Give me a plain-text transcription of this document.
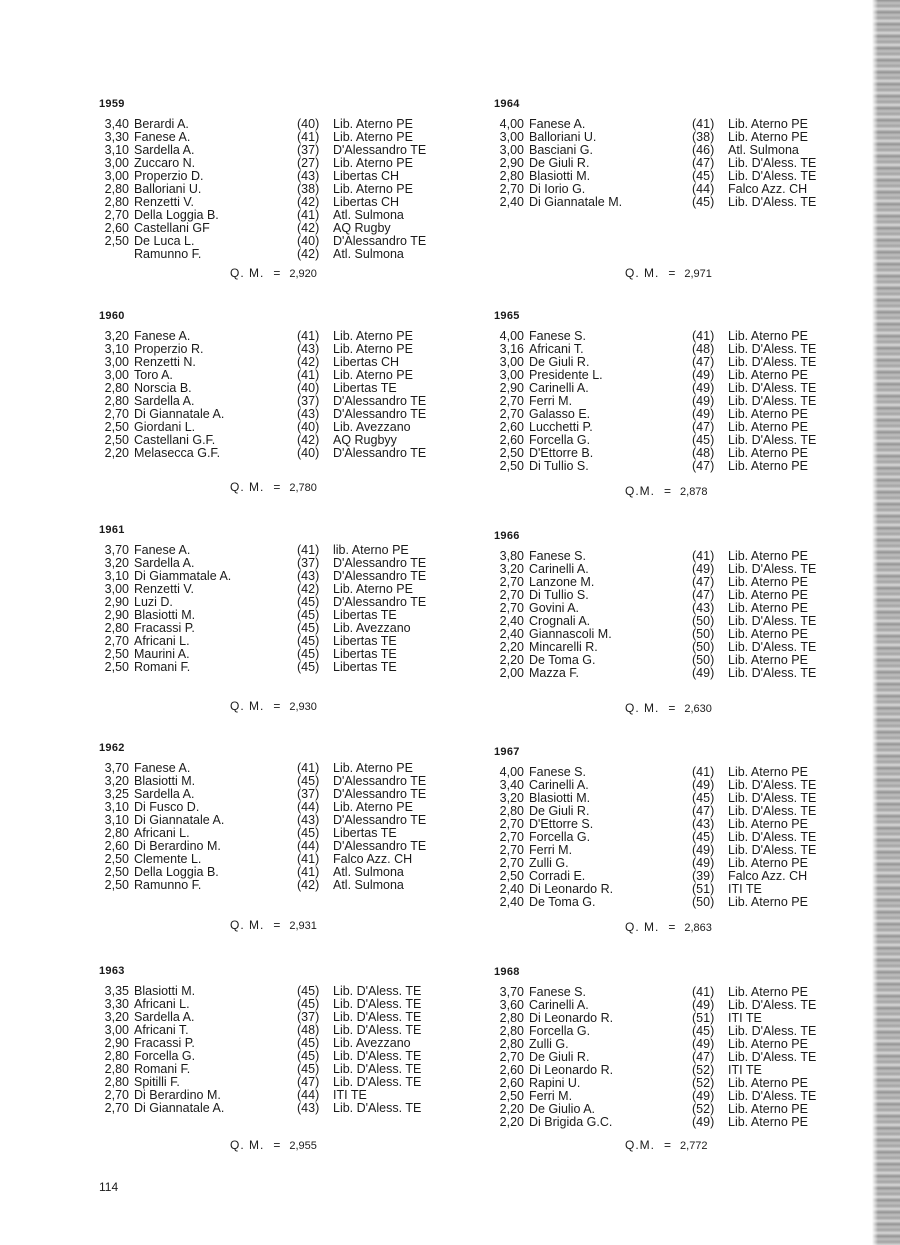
1959
3,40 Berardi A.	(40) Lib. Aterno PE
3,30 Fanese A.	(41) Lib. Aterno PE
3,10 Sardella A.	(37) D'Alessandro TE
3,00 Zuccaro N.	(27) Lib. Aterno PE
3,00 Properzio D.	(43) Libertas CH
2,80 Balloriani U.	(38) Lib. Aterno PE
2,80 Renzetti V.	(42) Libertas CH
2,70 Della Loggia B.	(41) Atl. Sulmona
2,60 Castellani GF	(42) AQ Rugby
2,50 De Luca L.	(40) D'Alessandro TE
Ramunno F.	(42) Atl. Sulmona
Q. M. = 2,920
1960
3,20 Fanese A.	(41) Lib. Aterno PE
3,10 Properzio R.	(43) Lib. Aterno PE
3,00 Renzetti N.	(42) Libertas CH
3,00 Toro A.	(41) Lib. Aterno PE
2,80 Norscia B.	(40) Libertas TE
2,80 Sardella A.	(37) D'Alessandro TE
2,70 Di Giannatale A.	(43) D'Alessandro TE
2,50 Giordani L.	(40) Lib. Avezzano
2,50 Castellani G.F.	(42) AQ Rugbyy
2,20 Melasecca G.F.	(40) D'Alessandro TE
Q. M. = 2,780
1961
3,70 Fanese A.	(41) lib. Aterno PE
3,20 Sardella A.	(37) D'Alessandro TE
3,10 Di Giammatale A.	(43) D'Alessandro TE
3,00 Renzetti V.	(42) Lib. Aterno PE
2,90 Luzi D.	(45) D'Alessandro TE
2,90 Blasiotti M.	(45) Libertas TE
2,80 Fracassi P.	(45) Lib. Avezzano
2,70 Africani L.	(45) Libertas TE
2,50 Maurini A.	(45) Libertas TE
2,50 Romani F.	(45) Libertas TE
Q. M. = 2,930
1962
3,70 Fanese A.	(41) Lib. Aterno PE
3,20 Blasiotti M.	(45) D'Alessandro TE
3,25 Sardella A.	(37) D'Alessandro TE
3,10 Di Fusco D.	(44) Lib. Aterno PE
3,10 Di Giannatale A.	(43) D'Alessandro TE
2,80 Africani L.	(45) Libertas TE
2,60 Di Berardino M.	(44) D'Alessandro TE
2,50 Clemente L.	(41) Falco Azz. CH
2,50 Della Loggia B.	(41) Atl. Sulmona
2,50 Ramunno F.	(42) Atl. Sulmona
Q. M. = 2,931
1963
3,35 Blasiotti M.	(45) Lib. D'Aless. TE
3,30 Africani L.	(45) Lib. D'Aless. TE
3,20 Sardella A.	(37) Lib. D'Aless. TE
3,00 Africani T.	(48) Lib. D'Aless. TE
2,90 Fracassi P.	(45) Lib. Avezzano
2,80 Forcella G.	(45) Lib. D'Aless. TE
2,80 Romani F.	(45) Lib. D'Aless. TE
2,80 Spitilli F.	(47) Lib. D'Aless. TE
2,70 Di Berardino M.	(44) ITI TE
2,70 Di Giannatale A.	(43) Lib. D'Aless. TE
Q. M. = 2,955
1964
4,00 Fanese A.	(41) Lib. Aterno PE
3,00 Balloriani U.	(38) Lib. Aterno PE
3,00 Basciani G.	(46) Atl. Sulmona
2,90 De Giuli R.	(47) Lib. D'Aless. TE
2,80 Blasiotti M.	(45) Lib. D'Aless. TE
2,70 Di Iorio G.	(44) Falco Azz. CH
2,40 Di Giannatale M.	(45) Lib. D'Aless. TE
Q. M. = 2,971
1965
4,00 Fanese S.	(41) Lib. Aterno PE
3,16 Africani T.	(48) Lib. D'Aless. TE
3,00 De Giuli R.	(47) Lib. D'Aless. TE
3,00 Presidente L.	(49) Lib. Aterno PE
2,90 Carinelli A.	(49) Lib. D'Aless. TE
2,70 Ferri M.	(49) Lib. D'Aless. TE
2,70 Galasso E.	(49) Lib. Aterno PE
2,60 Lucchetti P.	(47) Lib. Aterno PE
2,60 Forcella G.	(45) Lib. D'Aless. TE
2,50 D'Ettorre B.	(48) Lib. Aterno PE
2,50 Di Tullio S.	(47) Lib. Aterno PE
Q.M. = 2,878
1966
3,80 Fanese S.	(41) Lib. Aterno PE
3,20 Carinelli A.	(49) Lib. D'Aless. TE
2,70 Lanzone M.	(47) Lib. Aterno PE
2,70 Di Tullio S.	(47) Lib. Aterno PE
2,70 Govini A.	(43) Lib. Aterno PE
2,40 Crognali A.	(50) Lib. D'Aless. TE
2,40 Giannascoli M.	(50) Lib. Aterno PE
2,20 Mincarelli R.	(50) Lib. D'Aless. TE
2,20 De Toma G.	(50) Lib. Aterno PE
2,00 Mazza F.	(49) Lib. D'Aless. TE
Q. M. = 2,630
1967
4,00 Fanese S.	(41) Lib. Aterno PE
3,40 Carinelli A.	(49) Lib. D'Aless. TE
3,20 Blasiotti M.	(45) Lib. D'Aless. TE
2,80 De Giuli R.	(47) Lib. D'Aless. TE
2,70 D'Ettorre S.	(43) Lib. Aterno PE
2,70 Forcella G.	(45) Lib. D'Aless. TE
2,70 Ferri M.	(49) Lib. D'Aless. TE
2,70 Zulli G.	(49) Lib. Aterno PE
2,50 Corradi E.	(39) Falco Azz. CH
2,40 Di Leonardo R.	(51) ITI TE
2,40 De Toma G.	(50) Lib. Aterno PE
Q. M. = 2,863
1968
3,70 Fanese S.	(41) Lib. Aterno PE
3,60 Carinelli A.	(49) Lib. D'Aless. TE
2,80 Di Leonardo R.	(51) ITI TE
2,80 Forcella G.	(45) Lib. D'Aless. TE
2,80 Zulli G.	(49) Lib. Aterno PE
2,70 De Giuli R.	(47) Lib. D'Aless. TE
2,60 Di Leonardo R.	(52) ITI TE
2,60 Rapini U.	(52) Lib. Aterno PE
2,50 Ferri M.	(49) Lib. D'Aless. TE
2,20 De Giulio A.	(52) Lib. Aterno PE
2,20 Di Brigida G.C.	(49) Lib. Aterno PE
Q.M. = 2,772
114
